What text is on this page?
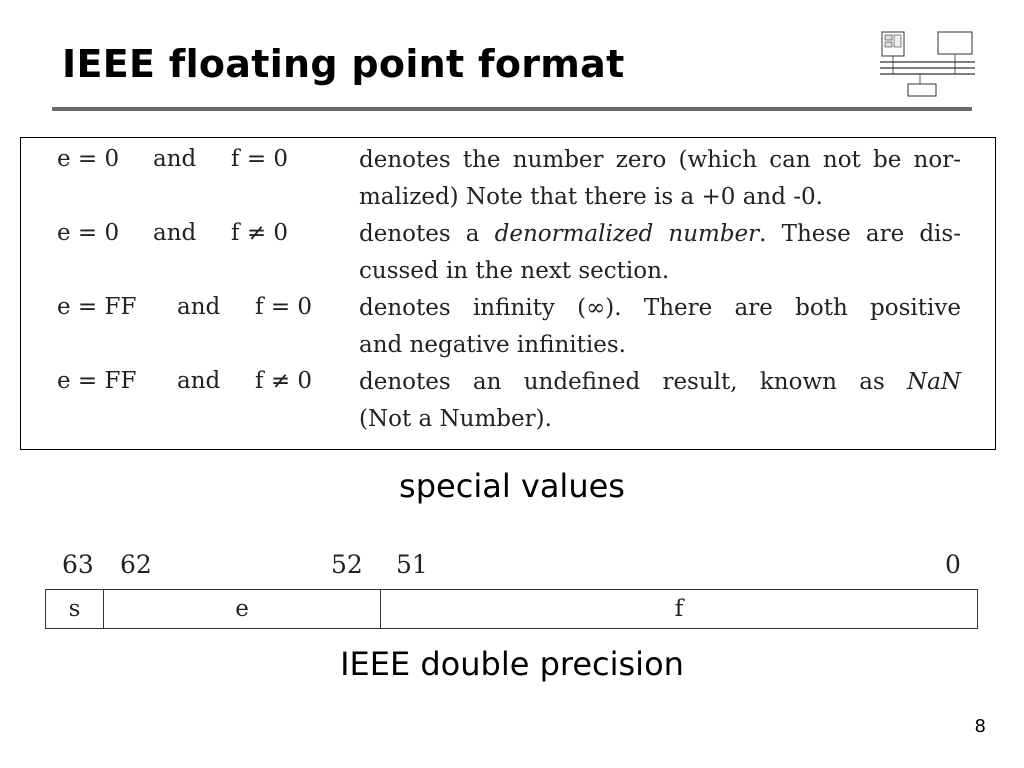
IEEE floating point format
e = 0 and f = 0	denotes the number zero (which can not be nor-
malized) Note that there is a +0 and -0.
e = 0 and f ≠ 0	denotes a denormalized number. These are dis-
cussed in the next section.
e = FF and f = 0 denotes infinity (∞). There are both positive
and negative infinities.
e = FF and f ≠ 0 denotes an undefined result, known as NaN
(Not a Number).
special values
63 62	52 51	0
s	e	f
IEEE double precision
8
